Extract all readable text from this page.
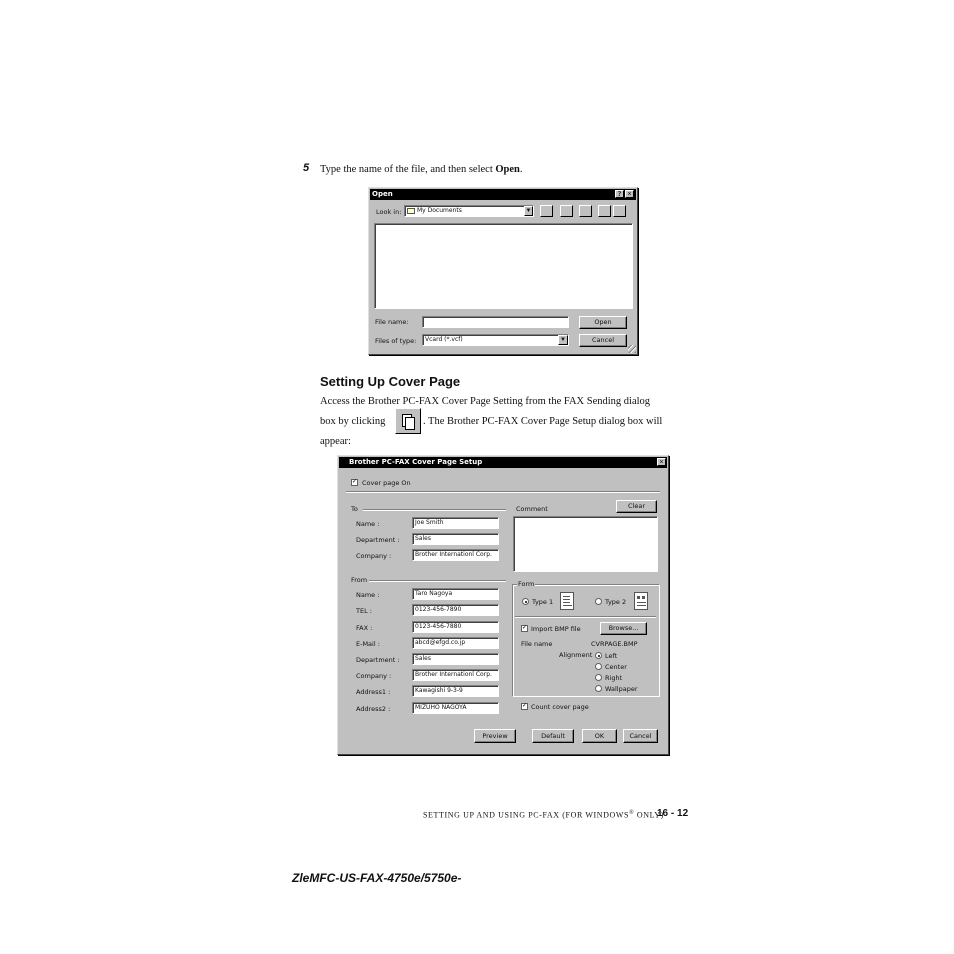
5 Type the name of the file, and then select Open.
Open	? ×
Look in:	My Documents	▼
File name:	Open
Files of type:	Vcard (*.vcf)	▼	Cancel
Setting Up Cover Page
Access the Brother PC-FAX Cover Page Setting from the FAX Sending dialog
box by clicking	. The Brother PC-FAX Cover Page Setup dialog box will
appear:
Brother PC-FAX Cover Page Setup	×
✓ Cover page On
To
Name :	Joe Smith
Department :	Sales
Company :	Brother Internationl Corp.
From
Name :	Taro Nagoya
TEL :	0123-456-7890
FAX :	0123-456-7880
E-Mail :	abcd@efgd.co.jp
Department :	Sales
Company :	Brother Internationl Corp.
Address1 :	Kawagishi 9-3-9
Address2 :	MIZUHO NAGOYA
Comment	Clear
Form
Type 1	Type 2
✓ Import BMP file	Browse...
File name	CVRPAGE.BMP
Alignment Left
Center
Right
Wallpaper
✓ Count cover page
Preview	Default	OK	Cancel
SETTING UP AND USING PC-FAX (FOR WINDOWS® ONLY)
16 - 12
ZleMFC-US-FAX-4750e/5750e-
